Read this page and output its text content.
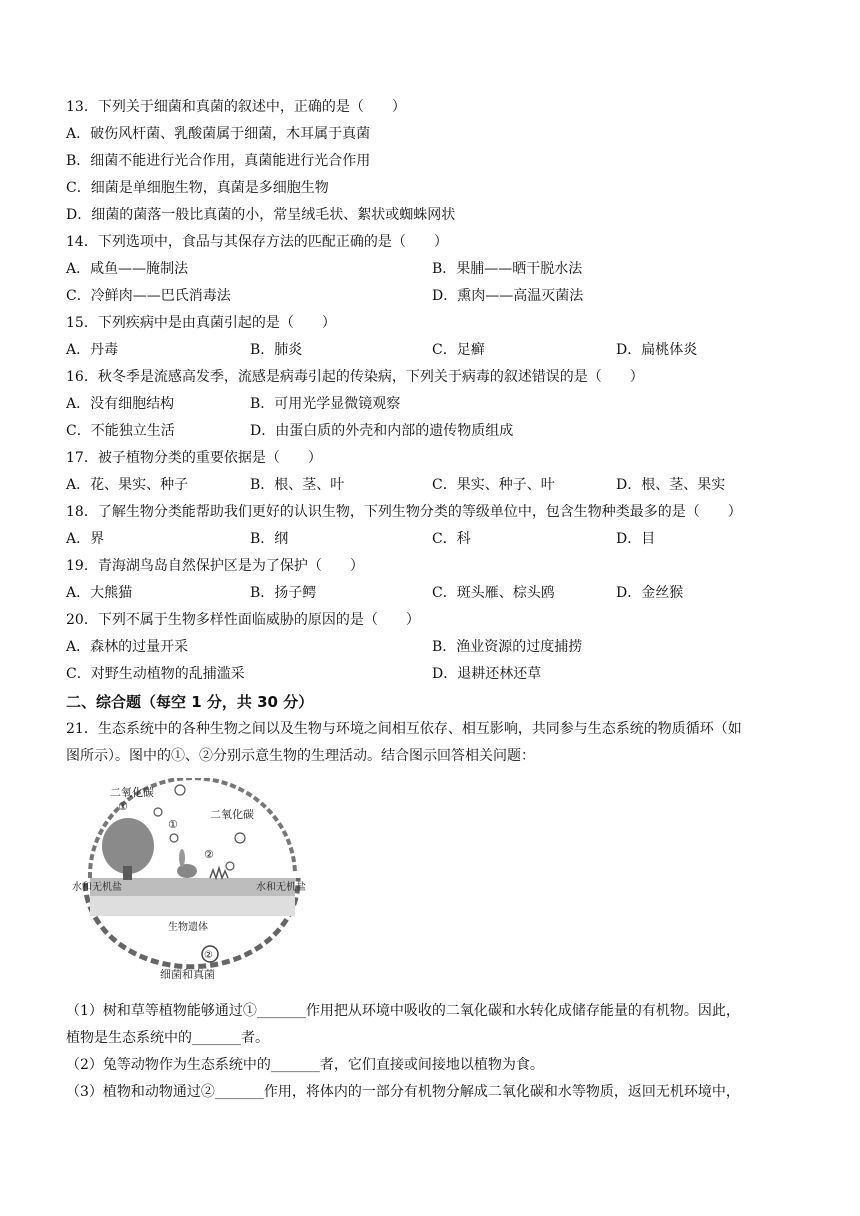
13．下列关于细菌和真菌的叙述中，正确的是（　　）
A．破伤风杆菌、乳酸菌属于细菌，木耳属于真菌
B．细菌不能进行光合作用，真菌能进行光合作用
C．细菌是单细胞生物，真菌是多细胞生物
D．细菌的菌落一般比真菌的小，常呈绒毛状、絮状或蜘蛛网状
14．下列选项中，食品与其保存方法的匹配正确的是（　　）
A．咸鱼——腌制法	B．果脯——晒干脱水法
C．冷鲜肉——巴氏消毒法	D．熏肉——高温灭菌法
15．下列疾病中是由真菌引起的是（　　）
A．丹毒	B．肺炎	C．足癣	D．扁桃体炎
16．秋冬季是流感高发季，流感是病毒引起的传染病，下列关于病毒的叙述错误的是（　　）
A．没有细胞结构	B．可用光学显微镜观察
C．不能独立生活	D．由蛋白质的外壳和内部的遗传物质组成
17．被子植物分类的重要依据是（　　）
A．花、果实、种子	B．根、茎、叶	C．果实、种子、叶	D．根、茎、果实
18．了解生物分类能帮助我们更好的认识生物，下列生物分类的等级单位中，包含生物种类最多的是（　　）
A．界	B．纲	C．科	D．目
19．青海湖鸟岛自然保护区是为了保护（　　）
A．大熊猫	B．扬子鳄	C．斑头雁、棕头鸥	D．金丝猴
20．下列不属于生物多样性面临威胁的原因的是（　　）
A．森林的过量开采	B．渔业资源的过度捕捞
C．对野生动植物的乱捕滥采	D．退耕还林还草
二、综合题（每空 1 分，共 30 分）
21．生态系统中的各种生物之间以及生物与环境之间相互依存、相互影响，共同参与生态系统的物质循环（如
图所示）。图中的①、②分别示意生物的生理活动。结合图示回答相关问题：
二氧化碳
二氧化碳
①
①
②
②
水和无机盐	水和无机盐
生物遗体
细菌和真菌
（1）树和草等植物能够通过①_______作用把从环境中吸收的二氧化碳和水转化成储存能量的有机物。因此，
植物是生态系统中的_______者。
（2）兔等动物作为生态系统中的_______者，它们直接或间接地以植物为食。
（3）植物和动物通过②_______作用，将体内的一部分有机物分解成二氧化碳和水等物质，返回无机环境中，
